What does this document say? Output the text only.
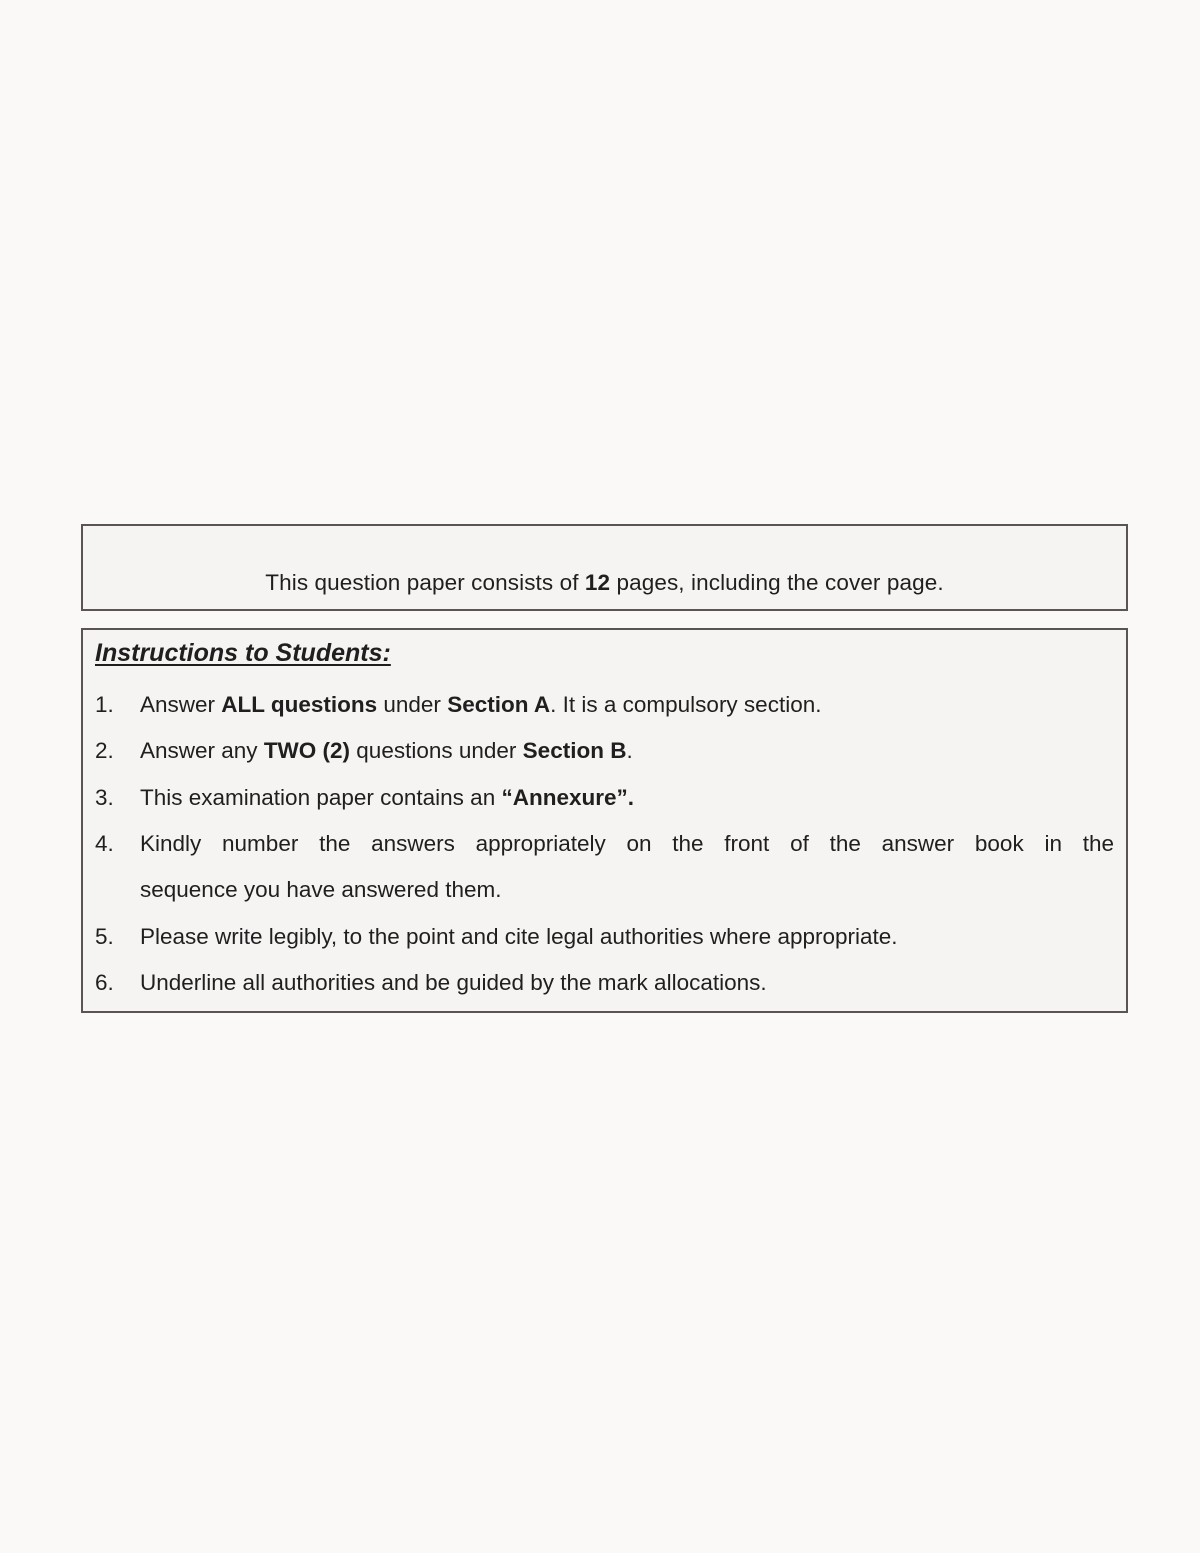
This question paper consists of 12 pages, including the cover page.
Instructions to Students:
1.	Answer ALL questions under Section A. It is a compulsory section.
2.	Answer any TWO (2) questions under Section B.
3.	This examination paper contains an “Annexure”.
4.	Kindly number the answers appropriately on the front of the answer book in the
sequence you have answered them.
5.	Please write legibly, to the point and cite legal authorities where appropriate.
6.	Underline all authorities and be guided by the mark allocations.
